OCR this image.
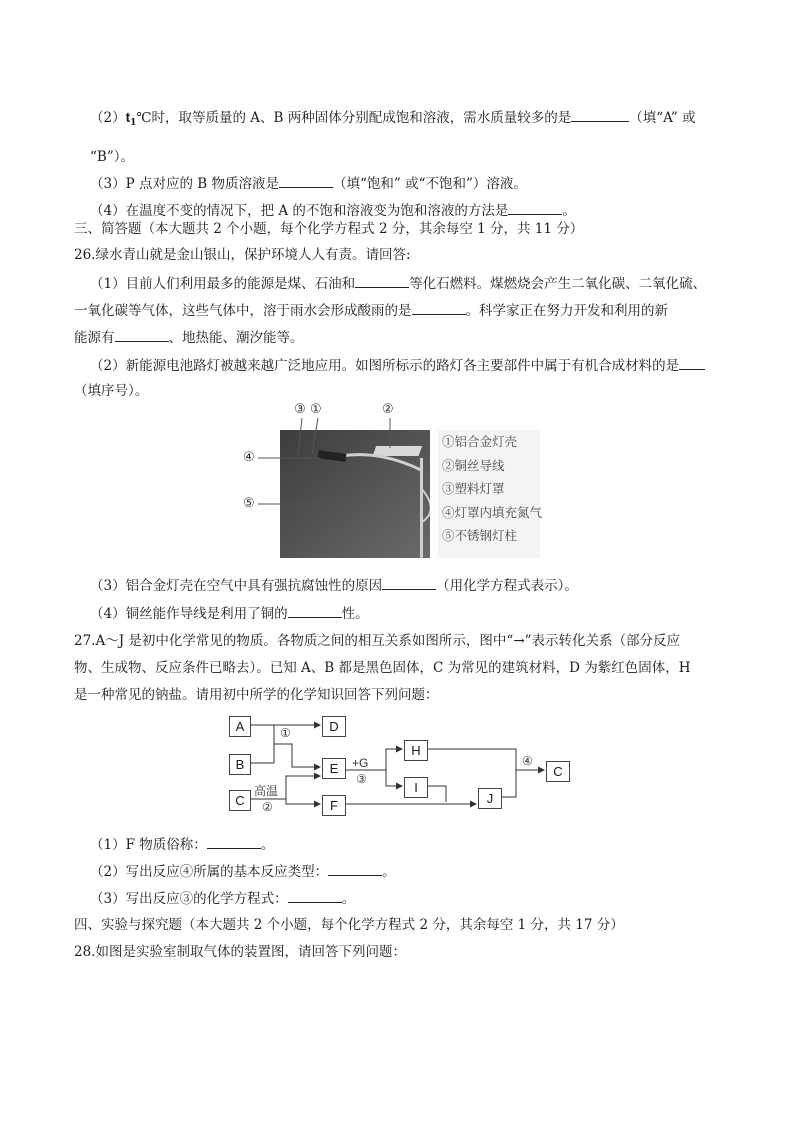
$(2)t_1℃$时，取等质量的 A、B 两种固体分别配成饱和溶液，需水质量较多的是	（填“A” 或
“B”）。
（3）P 点对应的 B 物质溶液是	（填“饱和” 或“不饱和”）溶液。
（4）在温度不变的情况下，把 A 的不饱和溶液变为饱和溶液的方法是	。
三、简答题（本大题共 2 个小题，每个化学方程式 2 分，其余每空 1 分，共 11 分）
26.绿水青山就是金山银山，保护环境人人有责。请回答:
（1）目前人们利用最多的能源是煤、石油和	等化石燃料。煤燃烧会产生二氧化碳、二氧化硫、
一氧化碳等气体，这些气体中，溶于雨水会形成酸雨的是	。科学家正在努力开发和利用的新
能源有	、地热能、潮汐能等。
（2）新能源电池路灯被越来越广泛地应用。如图所标示的路灯各主要部件中属于有机合成材料的是
（填序号）。
③ ①	②
④
⑤
①铝合金灯壳
②铜丝导线
③塑料灯罩
④灯罩内填充氮气
⑤不锈钢灯柱
（3）铝合金灯壳在空气中具有强抗腐蚀性的原因	（用化学方程式表示）。
（4）铜丝能作导线是利用了铜的	性。
27.A～J 是初中化学常见的物质。各物质之间的相互关系如图所示，图中“→”表示转化关系（部分反应
物、生成物、反应条件已略去）。已知 A、B 都是黑色固体，C 为常见的建筑材料，D 为紫红色固体，H
是一种常见的钠盐。请用初中所学的化学知识回答下列问题：
A
B
C
D
E
F
H
I
J
C
①
+G
③
高温
②
④
（1）F 物质俗称：	。
（2）写出反应④所属的基本反应类型：	。
（3）写出反应③的化学方程式：	。
四、实验与探究题（本大题共 2 个小题，每个化学方程式 2 分，其余每空 1 分，共 17 分）
28.如图是实验室制取气体的装置图，请回答下列问题：
